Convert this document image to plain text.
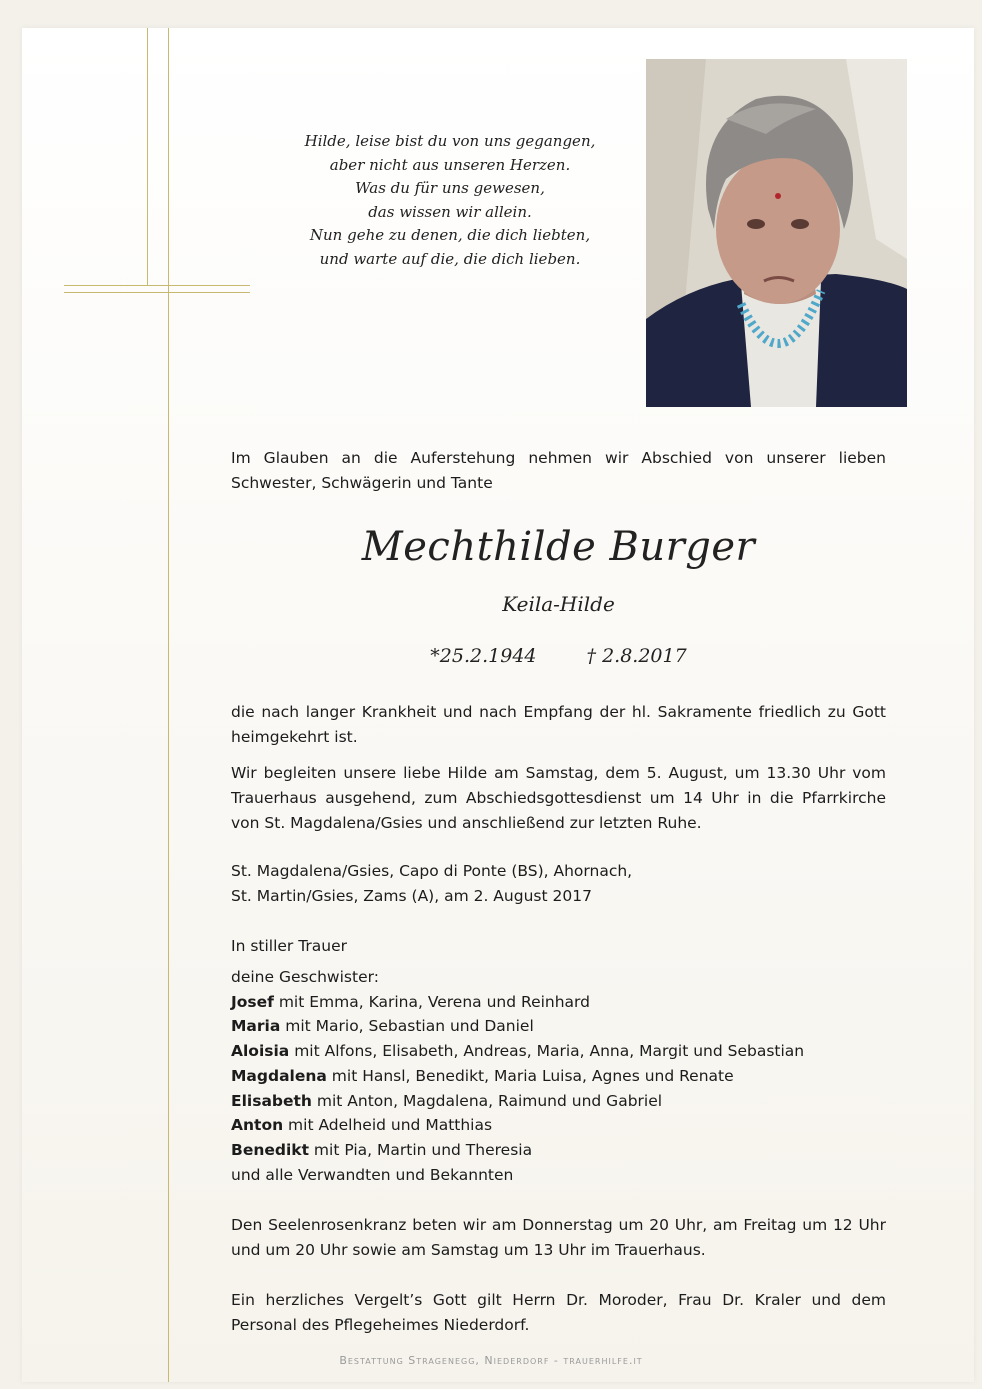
Hilde, leise bist du von uns gegangen,
aber nicht aus unseren Herzen.
Was du für uns gewesen,
das wissen wir allein.
Nun gehe zu denen, die dich liebten,
und warte auf die, die dich lieben.
Im Glauben an die Auferstehung nehmen wir Abschied von unserer lieben Schwester, Schwägerin und Tante
Mechthilde Burger
Keila-Hilde
*25.2.1944	† 2.8.2017
die nach langer Krankheit und nach Empfang der hl. Sakramente friedlich zu Gott heimgekehrt ist.
Wir begleiten unsere liebe Hilde am Samstag, dem 5. August, um 13.30 Uhr vom Trauerhaus ausgehend, zum Abschiedsgottesdienst um 14 Uhr in die Pfarrkirche von St. Magdalena/Gsies und anschließend zur letzten Ruhe.
St. Magdalena/Gsies, Capo di Ponte (BS), Ahornach,
St. Martin/Gsies, Zams (A), am 2. August 2017
In stiller Trauer
deine Geschwister:
Josef mit Emma, Karina, Verena und Reinhard
Maria mit Mario, Sebastian und Daniel
Aloisia mit Alfons, Elisabeth, Andreas, Maria, Anna, Margit und Sebastian
Magdalena mit Hansl, Benedikt, Maria Luisa, Agnes und Renate
Elisabeth mit Anton, Magdalena, Raimund und Gabriel
Anton mit Adelheid und Matthias
Benedikt mit Pia, Martin und Theresia
und alle Verwandten und Bekannten
Den Seelenrosenkranz beten wir am Donnerstag um 20 Uhr, am Freitag um 12 Uhr und um 20 Uhr sowie am Samstag um 13 Uhr im Trauerhaus.
Ein herzliches Vergelt’s Gott gilt Herrn Dr. Moroder, Frau Dr. Kraler und dem Personal des Pflegeheimes Niederdorf.
Bestattung Stragenegg, Niederdorf - trauerhilfe.it
